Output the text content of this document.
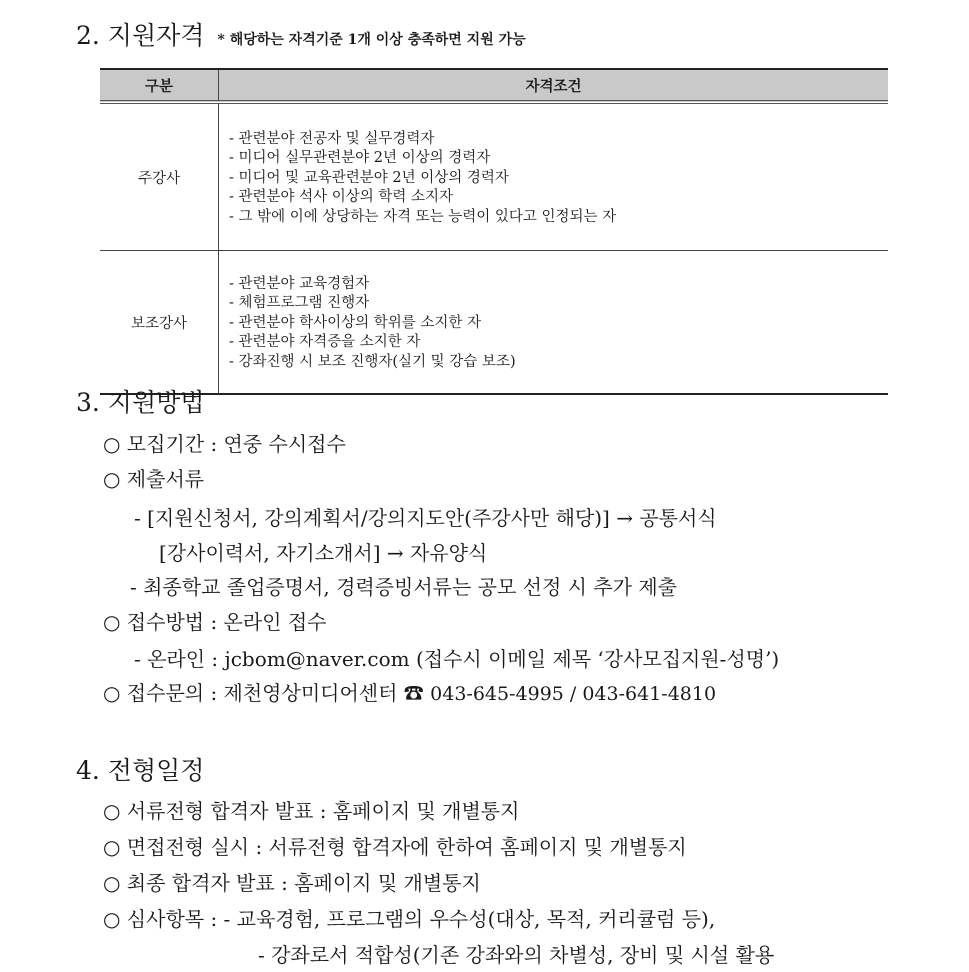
2. 지원자격 * 해당하는 자격기준 1개 이상 충족하면 지원 가능
구분	자격조건
주강사	- 관련분야 전공자 및 실무경력자
- 미디어 실무관련분야 2년 이상의 경력자
- 미디어 및 교육관련분야 2년 이상의 경력자
- 관련분야 석사 이상의 학력 소지자
- 그 밖에 이에 상당하는 자격 또는 능력이 있다고 인정되는 자

보조강사	- 관련분야 교육경험자
- 체험프로그램 진행자
- 관련분야 학사이상의 학위를 소지한 자
- 관련분야 자격증을 소지한 자
- 강좌진행 시 보조 진행자(실기 및 강습 보조)
3. 지원방법
○ 모집기간 : 연중 수시접수
○ 제출서류
- [지원신청서, 강의계획서/강의지도안(주강사만 해당)] → 공통서식
[강사이력서, 자기소개서] → 자유양식
- 최종학교 졸업증명서, 경력증빙서류는 공모 선정 시 추가 제출
○ 접수방법 : 온라인 접수
- 온라인 : jcbom@naver.com (접수시 이메일 제목 ‘강사모집지원-성명’)
○ 접수문의 : 제천영상미디어센터 ☎ 043-645-4995 / 043-641-4810
4. 전형일정
○ 서류전형 합격자 발표 : 홈페이지 및 개별통지
○ 면접전형 실시 : 서류전형 합격자에 한하여 홈페이지 및 개별통지
○ 최종 합격자 발표 : 홈페이지 및 개별통지
○ 심사항목 : - 교육경험, 프로그램의 우수성(대상, 목적, 커리큘럼 등),
- 강좌로서 적합성(기존 강좌와의 차별성, 장비 및 시설 활용
